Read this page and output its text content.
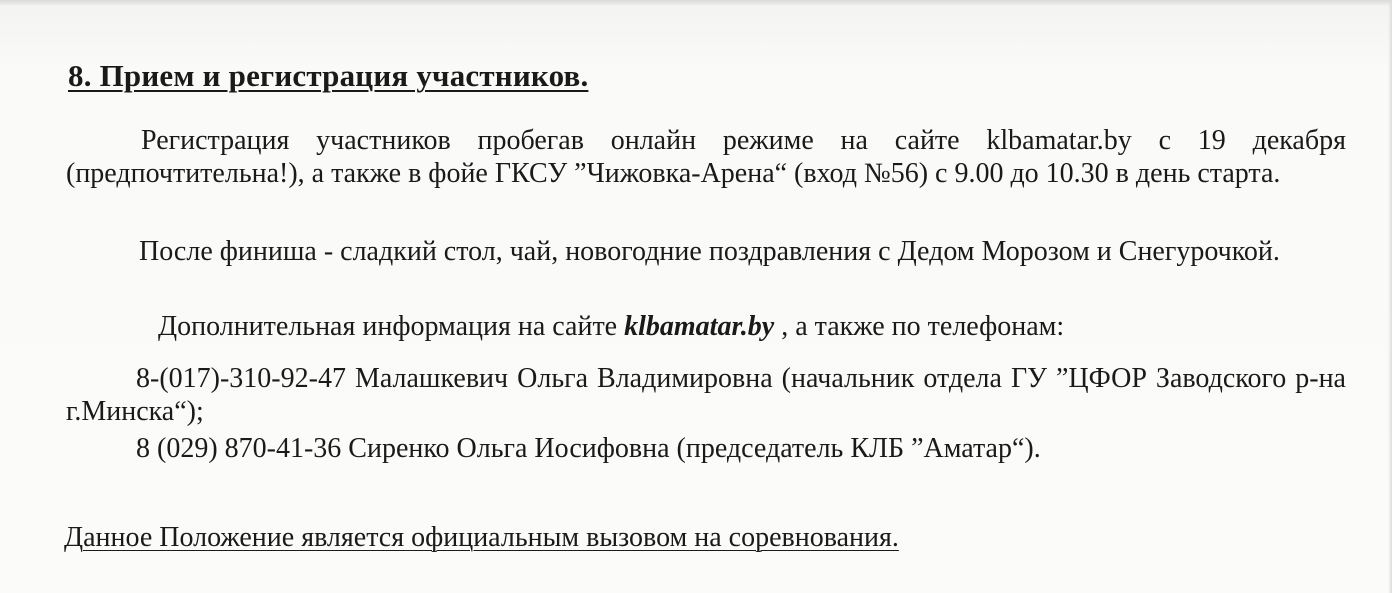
8. Прием и регистрация участников.
Регистрация участников пробегав онлайн режиме на сайте klbamatar.by с 19 декабря (предпочтительна!), а также в фойе ГКСУ ”Чижовка-Арена“ (вход №56) с 9.00 до 10.30 в день старта.
После финиша - сладкий стол, чай, новогодние поздравления с Дедом Морозом и Снегурочкой.
Дополнительная информация на сайте klbamatar.by , а также по телефонам:
8-(017)-310-92-47 Малашкевич Ольга Владимировна (начальник отдела ГУ ”ЦФОР Заводского р-на г.Минска“);
8 (029) 870-41-36 Сиренко Ольга Иосифовна (председатель КЛБ ”Аматар“).
Данное Положение является официальным вызовом на соревнования.
